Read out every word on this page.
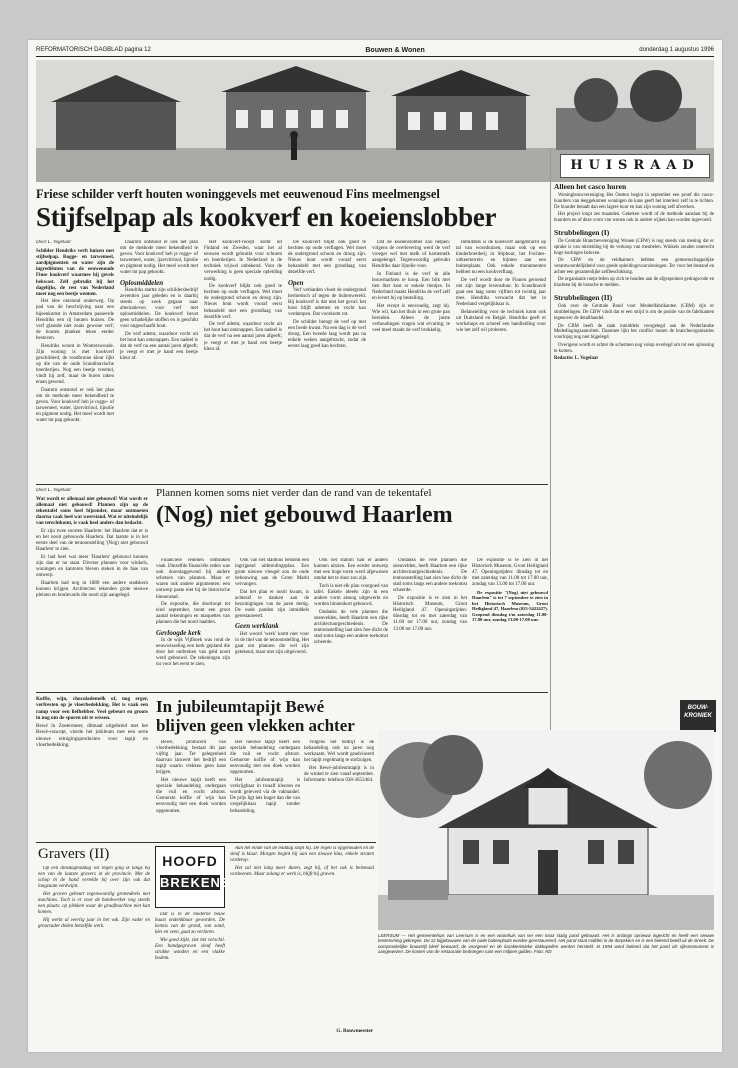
REFORMATORISCH DAGBLAD pagina 12	Bouwen & Wonen	donderdag 1 augustus 1996
Friese schilder verft houten woninggevels met eeuwenoud Fins meelmengsel
Stijfselpap als kookverf en koeienslobber

Door L. Vogelaar

Schilder Hendriks verft huizen met stijfselpap. Rogge- en tarwemeel, aardpigmenten en water zijn de ingrediënten van de eeuwenoude Finse kookverf waarmee hij gevels bekwast. Zelf gebruikt hij het dagelijks, de rest van Nederland moet nog een beetje wennen.

Het idee ontstond onderweg. Op pad van de beschrijving naar een bijeenkomst in Amsterdam passeerde Hendriks een rij houten huizen. De verf glansde niet zoals gewone verf; de houten planken leken eerder bestoven.

Hendriks woont in Wouterswoude. Zijn woning is met kookverf geschilderd, de roodbruine kleur lijkt op die van de oude Scandinavische boerderijen. Nog een beetje vreemd, vindt hij zelf, maar de buren raken eraan gewend.

Daarom ontstond er ook het plan om de methode meer bekendheid te geven. Voor kookverf heb je rogge- of tarwemeel, water, ijzervitriool, lijnolie en pigment nodig. Het meel wordt met water tot pap gekookt.

Daarom ontstond er ook het plan om de methode meer bekendheid te geven. Voor kookverf heb je rogge- of tarwemeel, water, ijzervitriool, lijnolie en pigment nodig. Het meel wordt met water tot pap gekookt.

Oplosmiddelen

Hendriks startte zijn schildersbedrijf zeventien jaar geleden en is daarbij steeds op zoek gegaan naar alternatieven voor verf met oplosmiddelen. De kookverf bevat geen schadelijke stoffen en is geschikt voor ongeschaafd hout.

De verf ademt, waardoor vocht uit het hout kan ontsnappen. Een nadeel is dat de verf na een aantal jaren afgeeft; je veegt er met je hand een beetje kleur af.

Het kookverf-recept komt uit Finland en Zweden, waar het al eeuwen wordt gebruikt voor schuren en boerderijen. In Nederland is de techniek vrijwel onbekend. Voor de verwerking is geen speciale opleiding nodig.

De kookverf blijkt ook goed te hechten op oude verflagen. Wel moet de ondergrond schoon en droog zijn. Nieuw hout wordt vooraf eerst behandeld met een grondlaag van dezelfde verf.

De verf ademt, waardoor vocht uit het hout kan ontsnappen. Een nadeel is dat de verf na een aantal jaren afgeeft; je veegt er met je hand een beetje kleur af.

De kookverf blijkt ook goed te hechten op oude verflagen. Wel moet de ondergrond schoon en droog zijn. Nieuw hout wordt vooraf eerst behandeld met een grondlaag van dezelfde verf.

Open

Verf verharden vloeit de ondergrond hermetisch af tegen de buitenwereld. Bij kookverf is dat niet het geval: het hout blijft ademen en vocht kan verdampen. Dat voorkomt rot.

De schilder brengt de verf op met een brede kwast. Na een dag is de verf droog. Een tweede laag wordt pas na enkele weken aangebracht, zodat de eerste laag goed kan hechten.

Dat de koeienslobber zou helpen: volgens de overlevering werd de verf vroeger wel met melk of karnemelk aangelengd. Tegenwoordig gebruikt Hendriks daar lijnolie voor.

In Finland is de verf in alle bouwmarkten te koop. Een blik met tien liter kost er enkele tientjes. In Nederland maakt Hendriks de verf zelf en levert hij op bestelling.

Het recept is eenvoudig, zegt hij. Wie wil, kan het thuis in een grote pan bereiden. Alleen de juiste verhoudingen vragen wat ervaring; te veel meel maakt de verf brokkelig.

Inmiddels is de kookverf aangebracht op tal van woonhuizen, maar ook op een kinderboerderij in Stiphout, het Fochtes-uitkeerterrein en hijmen aan een buitenplaats. Ook enkele monumenten hebben nu een kookverflaag.

De verf wordt door de Finnen geroemd om zijn lange levensduur. In Scandinavië gaat een laag soms vijftien tot twintig jaar mee. Hendriks verwacht dat het in Nederland vergelijkbaar is.

Belanstelling voor de techniek komt ook uit Duitsland en België. Hendriks geeft er workshops en schreef een handleiding voor wie het zelf wil proberen.

Door L. Vogelaar

Wat wordt er allemaal niet gebouwd! Wat wordt er allemaal niet gebouwd! Plannen zijn op de tekentafel soms heel bijzonder, maar ontmoeten daarna vaak heel wat weerstand. Wat er uiteindelijk van terechtkomt, is vaak heel anders dan bedacht.

Er zijn twee soorten Haarlem: het Haarlem dat er is en het nooit gebouwde Haarlem. Dat laatste is in het eerste deel van de tentoonstelling '(Nog) niet gebouwd Haarlem' te zien.

Er had heel wat meer 'Haarlem' gebouwd kunnen zijn dan er nu staat. Diverse plannen voor winkels, woningen en kantoren bleven steken in de fase van ontwerp.

Haarlem had nog in 1880 een andere stadskern kunnen krijgen. Architecten tekenden grote nieuwe pleinen en boulevards die nooit zijn aangelegd.

Plannen komen soms niet verder dan de rand van de tekentafel
(Nog) niet gebouwd Haarlem

Financiële redenen ontbraken vaak. Diezelfde financiële reden was ook doorslaggevend bij andere schetsen van plannen. Maar er waren ook andere argumenten: een ontwerp paste niet bij de historische binnenstad.

De expositie, die doorloopt tot eind september, toont een groot aantal tekeningen en maquettes van plannen die het nooit haalden.

Gevloogde kerk

In de wijk Vijfhoek was rond de eeuwwisseling een kerk gepland die door het ontbreken van geld nooit werd gebouwd. De tekeningen zijn nu voor het eerst te zien.

Ook van het stadhuis bestond een ingrijpend uitbreidingsplan. Een grote nieuwe vleugel zou de oude bebouwing aan de Grote Markt vervangen.

Dat het plan er nooit kwam, is achteraf te danken aan de bezuinigingen van de jaren dertig. De oude panden zijn inmiddels gerestaureerd.

Geen werklank

Het woord 'werk' komt niet voor in de titel van de tentoonstelling. Het gaat om plannen die wél zijn getekend, maar niet zijn uitgevoerd.

Ook het station had er anders kunnen uitzien. Een eerder ontwerp met een hoge toren werd afgewezen omdat het te duur zou zijn.

Toch is niet elk plan voorgoed van tafel. Enkele ideeën zijn in een andere vorm alsnog uitgewerkt en worden binnenkort gebouwd.

Ondanks de vele plannen die sneuvelden, heeft Haarlem een rijke architectuurgeschiedenis. De tentoonstelling laat zien hoe dicht de stad soms langs een andere toekomst scheerde.

Ondanks de vele plannen die sneuvelden, heeft Haarlem een rijke architectuurgeschiedenis. De tentoonstelling laat zien hoe dicht de stad soms langs een andere toekomst scheerde.

De expositie is te zien in het Historisch Museum, Groot Heiligland 47. Openingstijden: dinsdag tot en met zaterdag van 11.00 tot 17.00 uur, zondag van 13.00 tot 17.00 uur.

De expositie is te zien in het Historisch Museum, Groot Heiligland 47. Openingstijden: dinsdag tot en met zaterdag van 11.00 tot 17.00 uur, zondag van 13.00 tot 17.00 uur.

De expositie "(Nog) niet gebouwd Haarlem" is tot 7 september te zien in het Historisch Museum, Groot Heiligland 47, Haarlem (023-5422427). Geopend dinsdag t/m zaterdag 11.00-17.00 uur, zondag 13.00-17.00 uur.

HUISRAAD
Alleen het casco huren

Woningbouwvereniging Het Oosten begint in september een proef die casco-huurders van leeggekomen woningen de kans geeft het interieur zelf in te richten. De huurder betaalt dan een lagere huur en kan zijn woning zelf afwerken.

Het project loopt zes maanden. Gekeken wordt of de methode aanslaat bij de huurders en of deze vorm van wonen ook in andere wijken kan worden ingevoerd.

Strubbelingen (I)

De Centrale Branchevereniging Wonen (CBW) is nog steeds van mening dat er sprake is van misleiding bij de verkoop van meubelen. Winkels zouden onterecht hoge kortingen beloven.

De CBW en de veldkamers hebben een gemeenschappelijke verantwoordelijkheid voor goede opleidingsvoorzieningen. Ter voor het bestand en achter een gezamenlijke zelfbeschikking.

De organisatie roept leden op zich te houden aan de afgesproken gedragscode en klachten bij de branche te melden.

Strubbelingen (II)

Ook over de Centrale Bond voor Meubelfabrikanten (CBM) zijn er strubbelingen. De CBW vindt dat er een strijd is om de positie van de fabrikanten tegenover de detailhandel.

De CBM heeft de zaak inmiddels voorgelegd aan de Nederlandse Mededingingsautoriteit. Daarmee lijkt het conflict tussen de brancheorganisaties voorlopig nog niet bijgelegd.

Overigens wordt er achter de schermen nog volop overlegd om tot een oplossing te komen.

Redactie: L. Vogelaar

Koffie, wijn, chocolademelk of, nog erger, verfresten op je vloerbedekking. Het is vaak een ramp voor een liefhebber. Veel gebeurt en groots in nog om de sporen uit te wissen.

Bewé in Zoetermeer, ditmaal uitgebreid met het Bewé-concept, vierde het jubileum met een serie nieuwe reinigingsproducten voor tapijt en vloerbedekking.

In jubileumtapijt Bewé blijven geen vlekken achter

Bewé, producent van vloerbedekking, bestaat dit jaar vijftig jaar. Ter gelegenheid daarvan lanceert het bedrijf een tapijt waarin vlekken geen kans krijgen.

Het nieuwe tapijt heeft een speciale behandeling ondergaan die vuil en vocht afstoot. Gemorste koffie of wijn kan eenvoudig met een doek worden opgenomen.

Het nieuwe tapijt heeft een speciale behandeling ondergaan die vuil en vocht afstoot. Gemorste koffie of wijn kan eenvoudig met een doek worden opgenomen.

Het jubileumtapijt is verkrijgbaar in twaalf kleuren en wordt geleverd via de vakhandel. De prijs ligt iets hoger dan die van vergelijkbaar tapijt zonder behandeling.

Volgens het bedrijf is de behandeling ook na jaren nog werkzaam. Wel wordt geadviseerd het tapijt regelmatig te stofzuigen.

Het Bewé-jubileumtapijt is in de winkel te zien vanaf september. Informatie: telefoon 038-3653464.

BOUW-KRONIEK
LEERSUM — Het gemeentehuis van Leersum is en een woonhuis van ver een mooi statig pand gebouwd. Het is onlangs opnieuw ingericht en heeft een nieuwe bestemming gekregen. De 12 bijgebouwen van de oude buitenplaats worden gerestaureerd. Het pand staat midden in de dorpskern en is een bekend beeld uit de streek. De oorspronkelijke bouwstijl bleef bewaard; de voorgevel en de karakteristieke dakkapellen werden hersteld. In 1994 werd bekend dat het pand als rijksmonument is aangewezen. De kosten van de restauratie bedroegen ruim een miljoen gulden. Foto: RD
Gravers (II)	HOOFD
BREKENS

Op een dinsdagmiddag vol regen ging ik langs bij een van de laatste gravers in de provincie. Met de schop in de hand vertelde hij over zijn vak dat langzaam verdwijnt.

Het graven gebeurt tegenwoordig grotendeels met machines. Toch is er voor de handwerker nog steeds een plaats: op plekken waar de graafmachine niet kan komen.

Hij werkt al veertig jaar in het vak. Zijn vader en grootvader deden hetzelfde werk.

Dat is in de moderne bouw haast ondenkbaar geworden. De kennis van de grond, van zand, klei en veen, gaat zo verloren.

Wie goed kijkt, ziet het verschil. Een handgegraven sleuf heeft strakke wanden en een vlakke bodem.

Aan het einde van de middag stopt hij. De regen is opgehouden en de sleuf is klaar. Morgen begint hij aan een nieuwe klus, enkele straten verderop.

Het zal niet lang meer duren, zegt hij, of het vak is helemaal verdwenen. Maar zolang er werk is, blijft hij graven.

G. Bouwmeester
